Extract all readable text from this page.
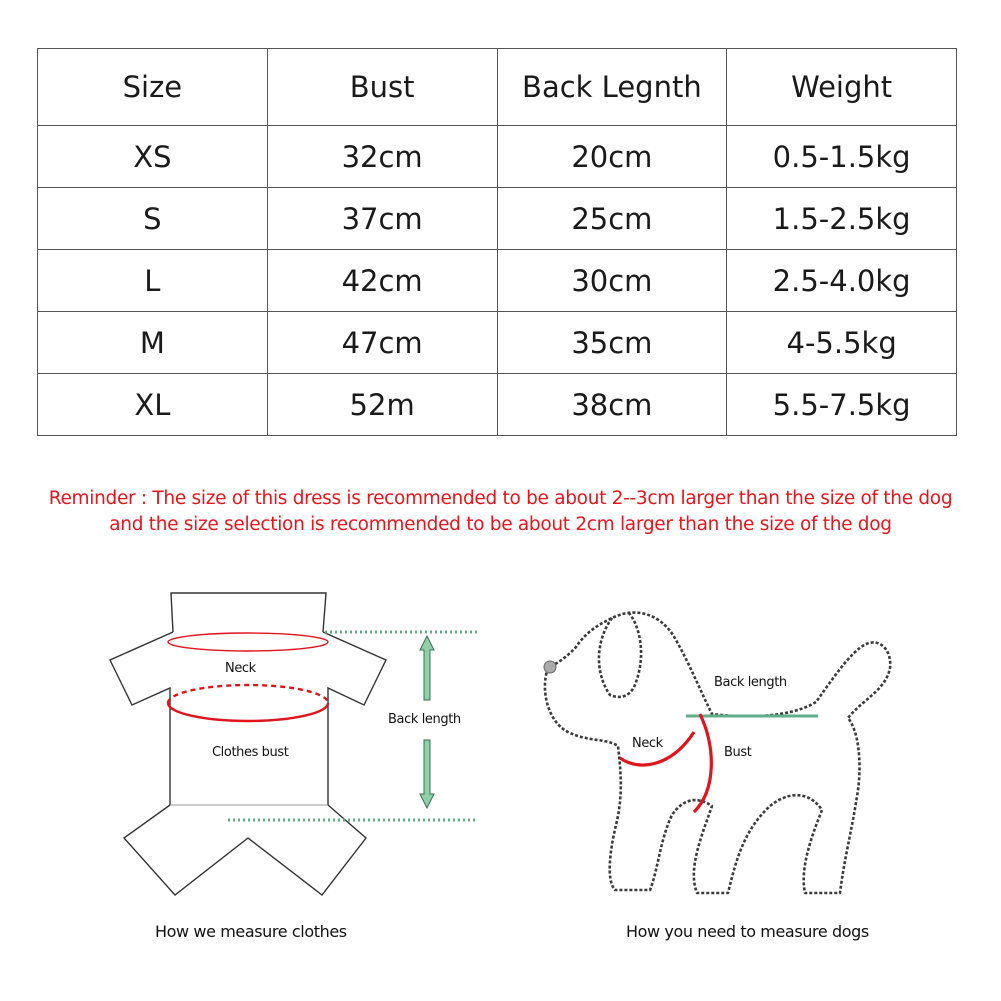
Size	Bust	Back Legnth	Weight
XS	32cm	20cm	0.5-1.5kg
S	37cm	25cm	1.5-2.5kg
L	42cm	30cm	2.5-4.0kg
M	47cm	35cm	4-5.5kg
XL	52m	38cm	5.5-7.5kg
Reminder : The size of this dress is recommended to be about 2--3cm larger than the size of the dog
and the size selection is recommended to be about 2cm larger than the size of the dog
Neck
Clothes bust
Back length
How we measure clothes
Back length
Neck
Bust
How you need to measure dogs
